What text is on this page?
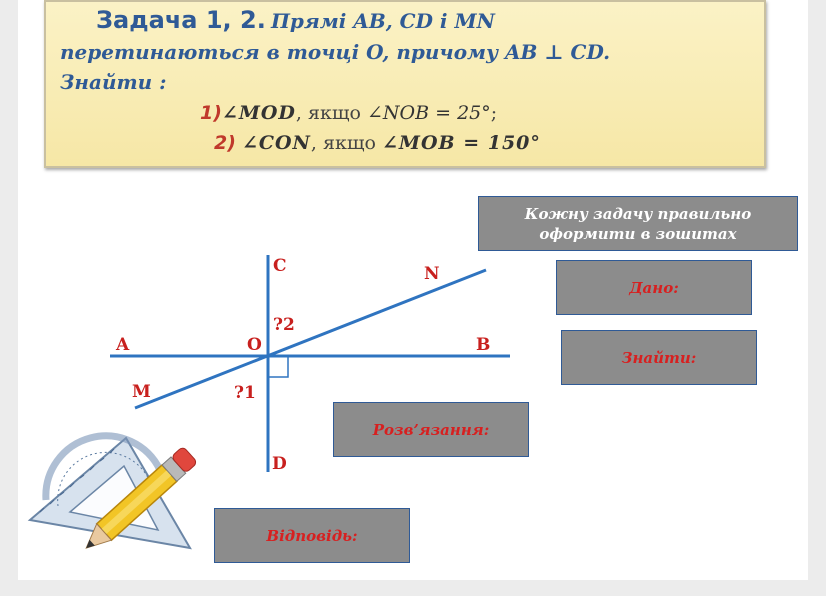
Задача 1, 2. Прямі AB, CD і MN
перетинаються в точці O, причому AB ⊥ CD.
Знайти :
1)∠MOD, якщо ∠NOB = 25°;
2) ∠CON, якщо ∠MOB = 150°
Кожну задачу правильно оформити в зошитах
Дано:
Знайти:
Розв’язання:
Відповідь:
C	N
A	O	B
M
D
?2
?1
